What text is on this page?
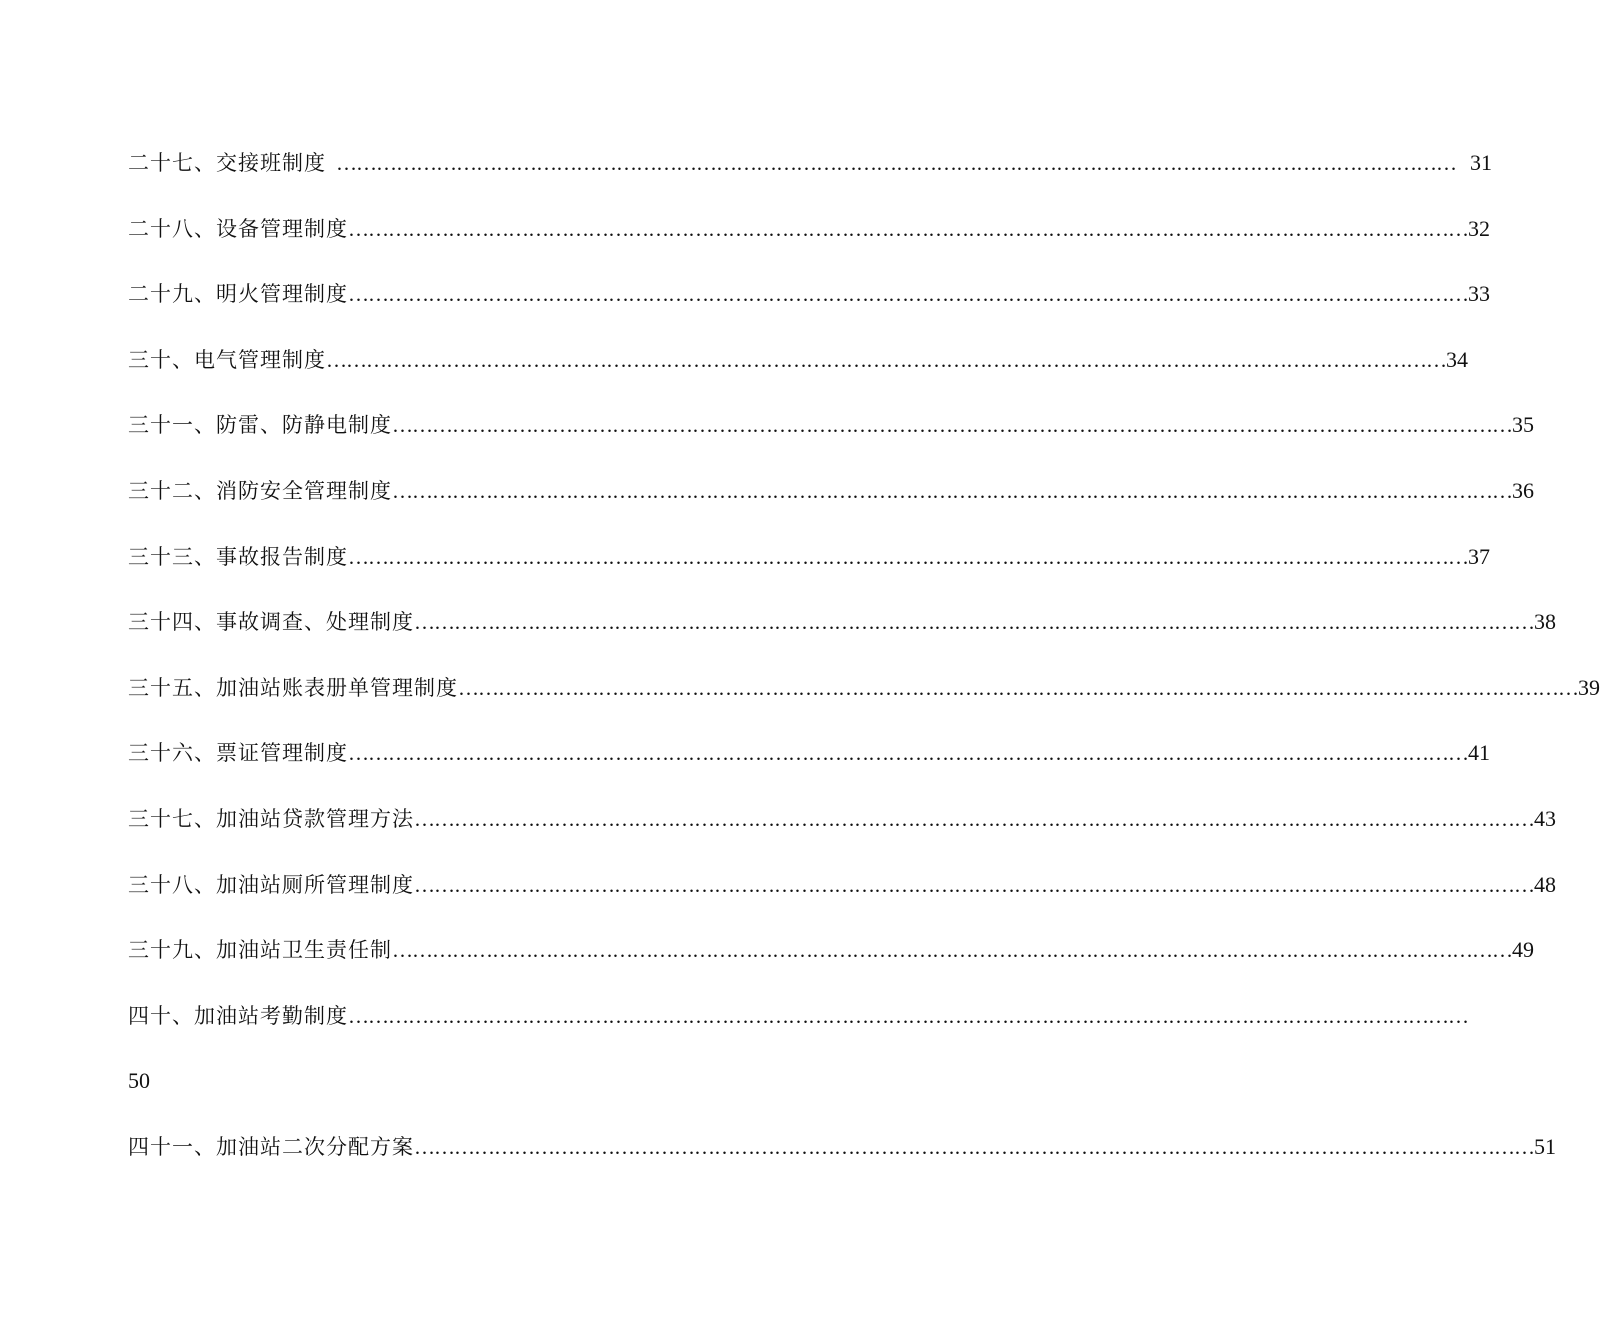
二十七、交接班制度 …………………………………………………………………………………………………………………………………………………… 31
二十八、设备管理制度 …………………………………………………………………………………………………………………………………………………… 32
二十九、明火管理制度 …………………………………………………………………………………………………………………………………………………… 33
三十、电气管理制度 …………………………………………………………………………………………………………………………………………………… 34
三十一、防雷、防静电制度 …………………………………………………………………………………………………………………………………………………… 35
三十二、消防安全管理制度 …………………………………………………………………………………………………………………………………………………… 36
三十三、事故报告制度 …………………………………………………………………………………………………………………………………………………… 37
三十四、事故调查、处理制度 …………………………………………………………………………………………………………………………………………………… 38
三十五、加油站账表册单管理制度 …………………………………………………………………………………………………………………………………………………… 39
三十六、票证管理制度 …………………………………………………………………………………………………………………………………………………… 41
三十七、加油站贷款管理方法 …………………………………………………………………………………………………………………………………………………… 43
三十八、加油站厕所管理制度 …………………………………………………………………………………………………………………………………………………… 48
三十九、加油站卫生责任制 …………………………………………………………………………………………………………………………………………………… 49
四十、 加油站考勤制度 ……………………………………………………………………………………………………………………………………………………
50
四十一、加油站二次分配方案 …………………………………………………………………………………………………………………………………………………… 51
